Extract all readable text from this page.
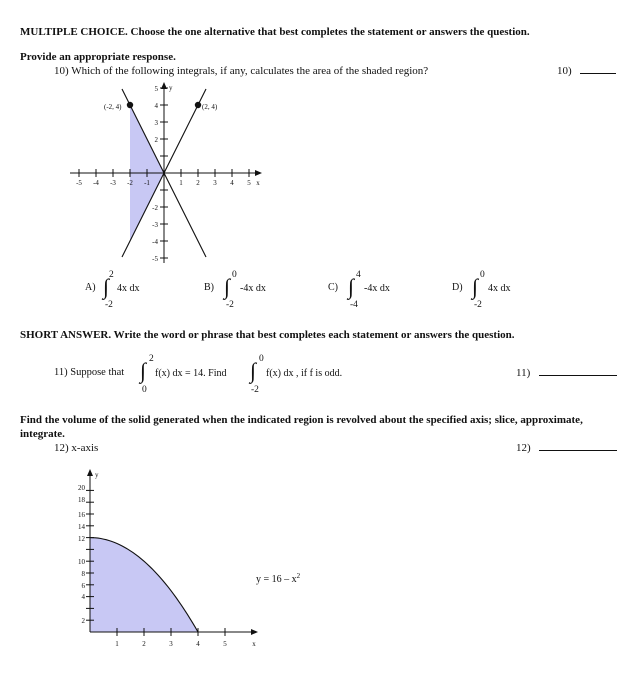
MULTIPLE CHOICE. Choose the one alternative that best completes the statement or answers the question.
Provide an appropriate response.
10) Which of the following integrals, if any, calculates the area of the shaded region?	10)
-5 -4 -3 -2 -1	1 2 3 4 5 x
5
4
3
2
-2
-3
-4
-5
y
(-2, 4)	(2, 4)
A)
2
∫
-2
4x dx	B)
0
∫
-2
-4x dx	C)
4
∫
-4
-4x dx	D)
0
∫
-2
4x dx
SHORT ANSWER. Write the word or phrase that best completes each statement or answers the question.
11) Suppose that
2
∫
0
f(x) dx = 14. Find
0
∫
-2
f(x) dx , if f is odd.	11)
Find the volume of the solid generated when the indicated region is revolved about the specified axis; slice, approximate,
integrate.
12) x-axis	12)
1	2	3	4	5	x
20
18
16
14
12
10
8
6
4
2
y
$y = 16 - x^2$
